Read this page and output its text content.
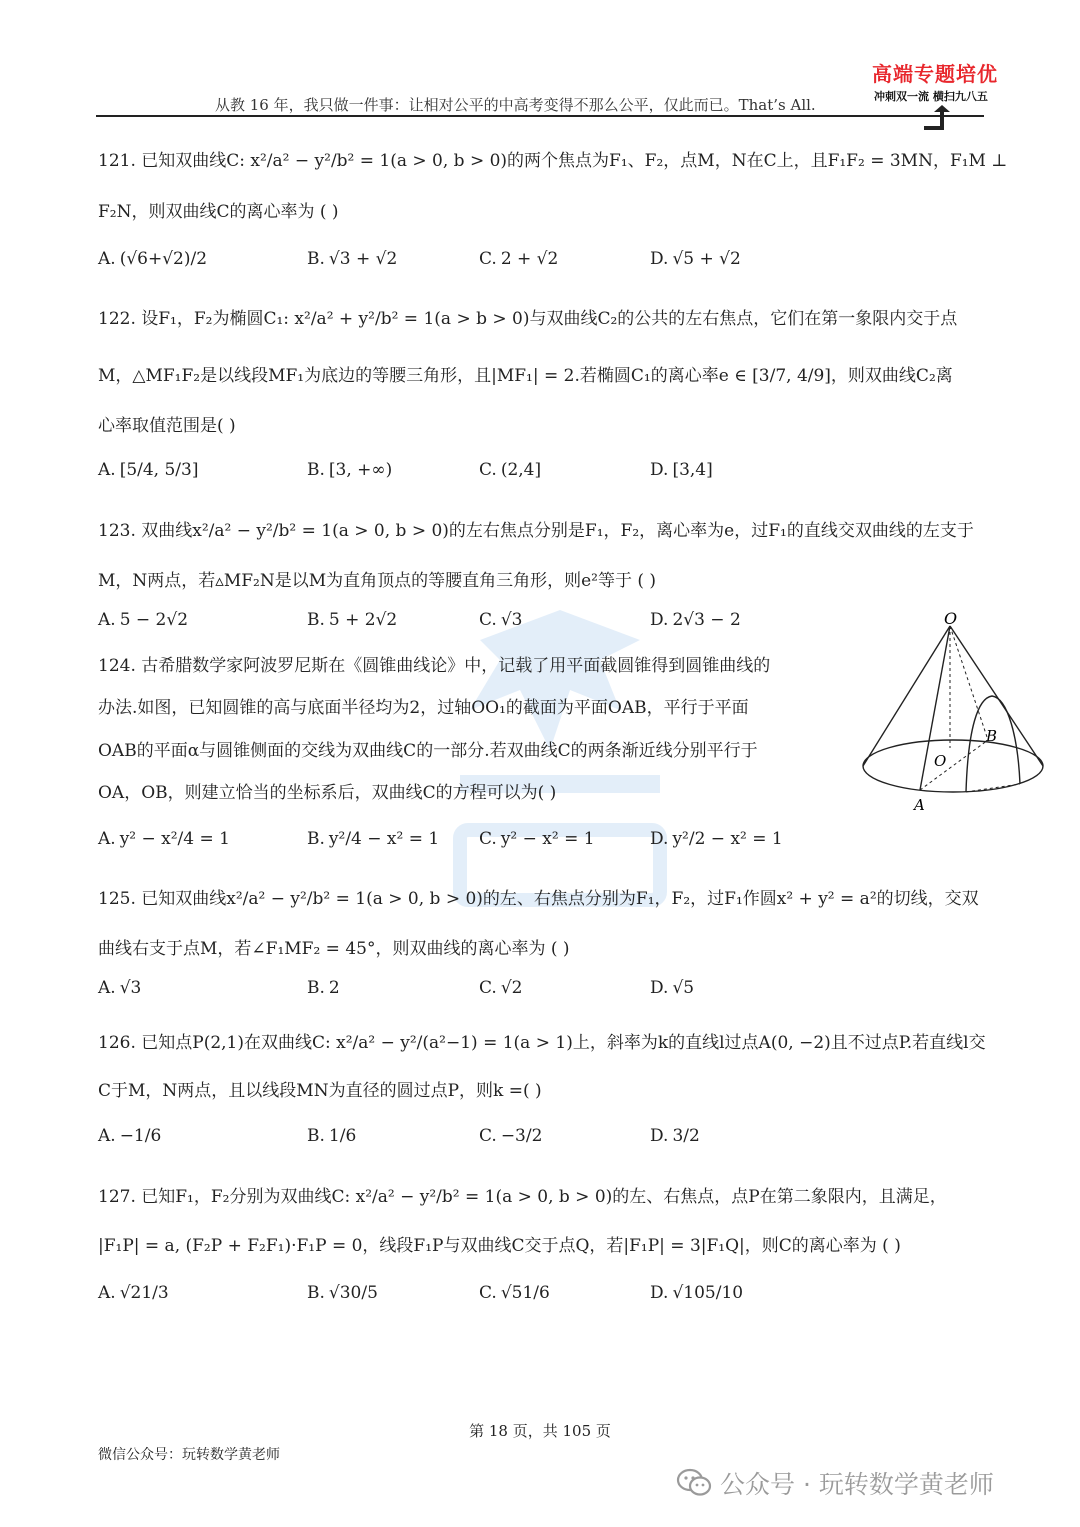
从教 16 年，我只做一件事：让相对公平的中高考变得不那么公平，仅此而已。That’s All.
高端专题培优
冲刺双一流 横扫九八五
121. 已知双曲线C: x²/a² − y²/b² = 1(a > 0, b > 0)的两个焦点为F₁、F₂，点M，N在C上，且F₁F₂ = 3MN，F₁M ⊥
F₂N，则双曲线C的离心率为 ( )
A. (√6+√2)/2	B. √3 + √2	C. 2 + √2	D. √5 + √2
122. 设F₁，F₂为椭圆C₁: x²/a² + y²/b² = 1(a > b > 0)与双曲线C₂的公共的左右焦点，它们在第一象限内交于点
M，△MF₁F₂是以线段MF₁为底边的等腰三角形，且|MF₁| = 2.若椭圆C₁的离心率e ∈ [3/7, 4/9]，则双曲线C₂离
心率取值范围是( )
A. [5/4, 5/3]	B. [3, +∞)	C. (2,4]	D. [3,4]
123. 双曲线x²/a² − y²/b² = 1(a > 0, b > 0)的左右焦点分别是F₁，F₂，离心率为e，过F₁的直线交双曲线的左支于
M，N两点，若▵MF₂N是以M为直角顶点的等腰直角三角形，则e²等于 ( )
A. 5 − 2√2	B. 5 + 2√2	C. √3	D. 2√3 − 2
124. 古希腊数学家阿波罗尼斯在《圆锥曲线论》中，记载了用平面截圆锥得到圆锥曲线的
办法.如图，已知圆锥的高与底面半径均为2，过轴OO₁的截面为平面OAB，平行于平面
OAB的平面α与圆锥侧面的交线为双曲线C的一部分.若双曲线C的两条渐近线分别平行于
OA，OB，则建立恰当的坐标系后，双曲线C的方程可以为( )
A. y² − x²/4 = 1	B. y²/4 − x² = 1 C. y² − x² = 1	D. y²/2 − x² = 1
O
O
A
B
125. 已知双曲线x²/a² − y²/b² = 1(a > 0, b > 0)的左、右焦点分别为F₁，F₂，过F₁作圆x² + y² = a²的切线，交双
曲线右支于点M，若∠F₁MF₂ = 45°，则双曲线的离心率为 ( )
A. √3	B. 2	C. √2	D. √5
126. 已知点P(2,1)在双曲线C: x²/a² − y²/(a²−1) = 1(a > 1)上，斜率为k的直线l过点A(0, −2)且不过点P.若直线l交
C于M，N两点，且以线段MN为直径的圆过点P，则k =( )
A. −1/6	B. 1/6	C. −3/2	D. 3/2
127. 已知F₁，F₂分别为双曲线C: x²/a² − y²/b² = 1(a > 0, b > 0)的左、右焦点，点P在第二象限内，且满足，
|F₁P| = a, (F₂P + F₂F₁)·F₁P = 0，线段F₁P与双曲线C交于点Q，若|F₁P| = 3|F₁Q|，则C的离心率为 ( )
A. √21/3	B. √30/5	C. √51/6	D. √105/10
第 18 页，共 105 页
微信公众号：玩转数学黄老师
公众号 · 玩转数学黄老师
